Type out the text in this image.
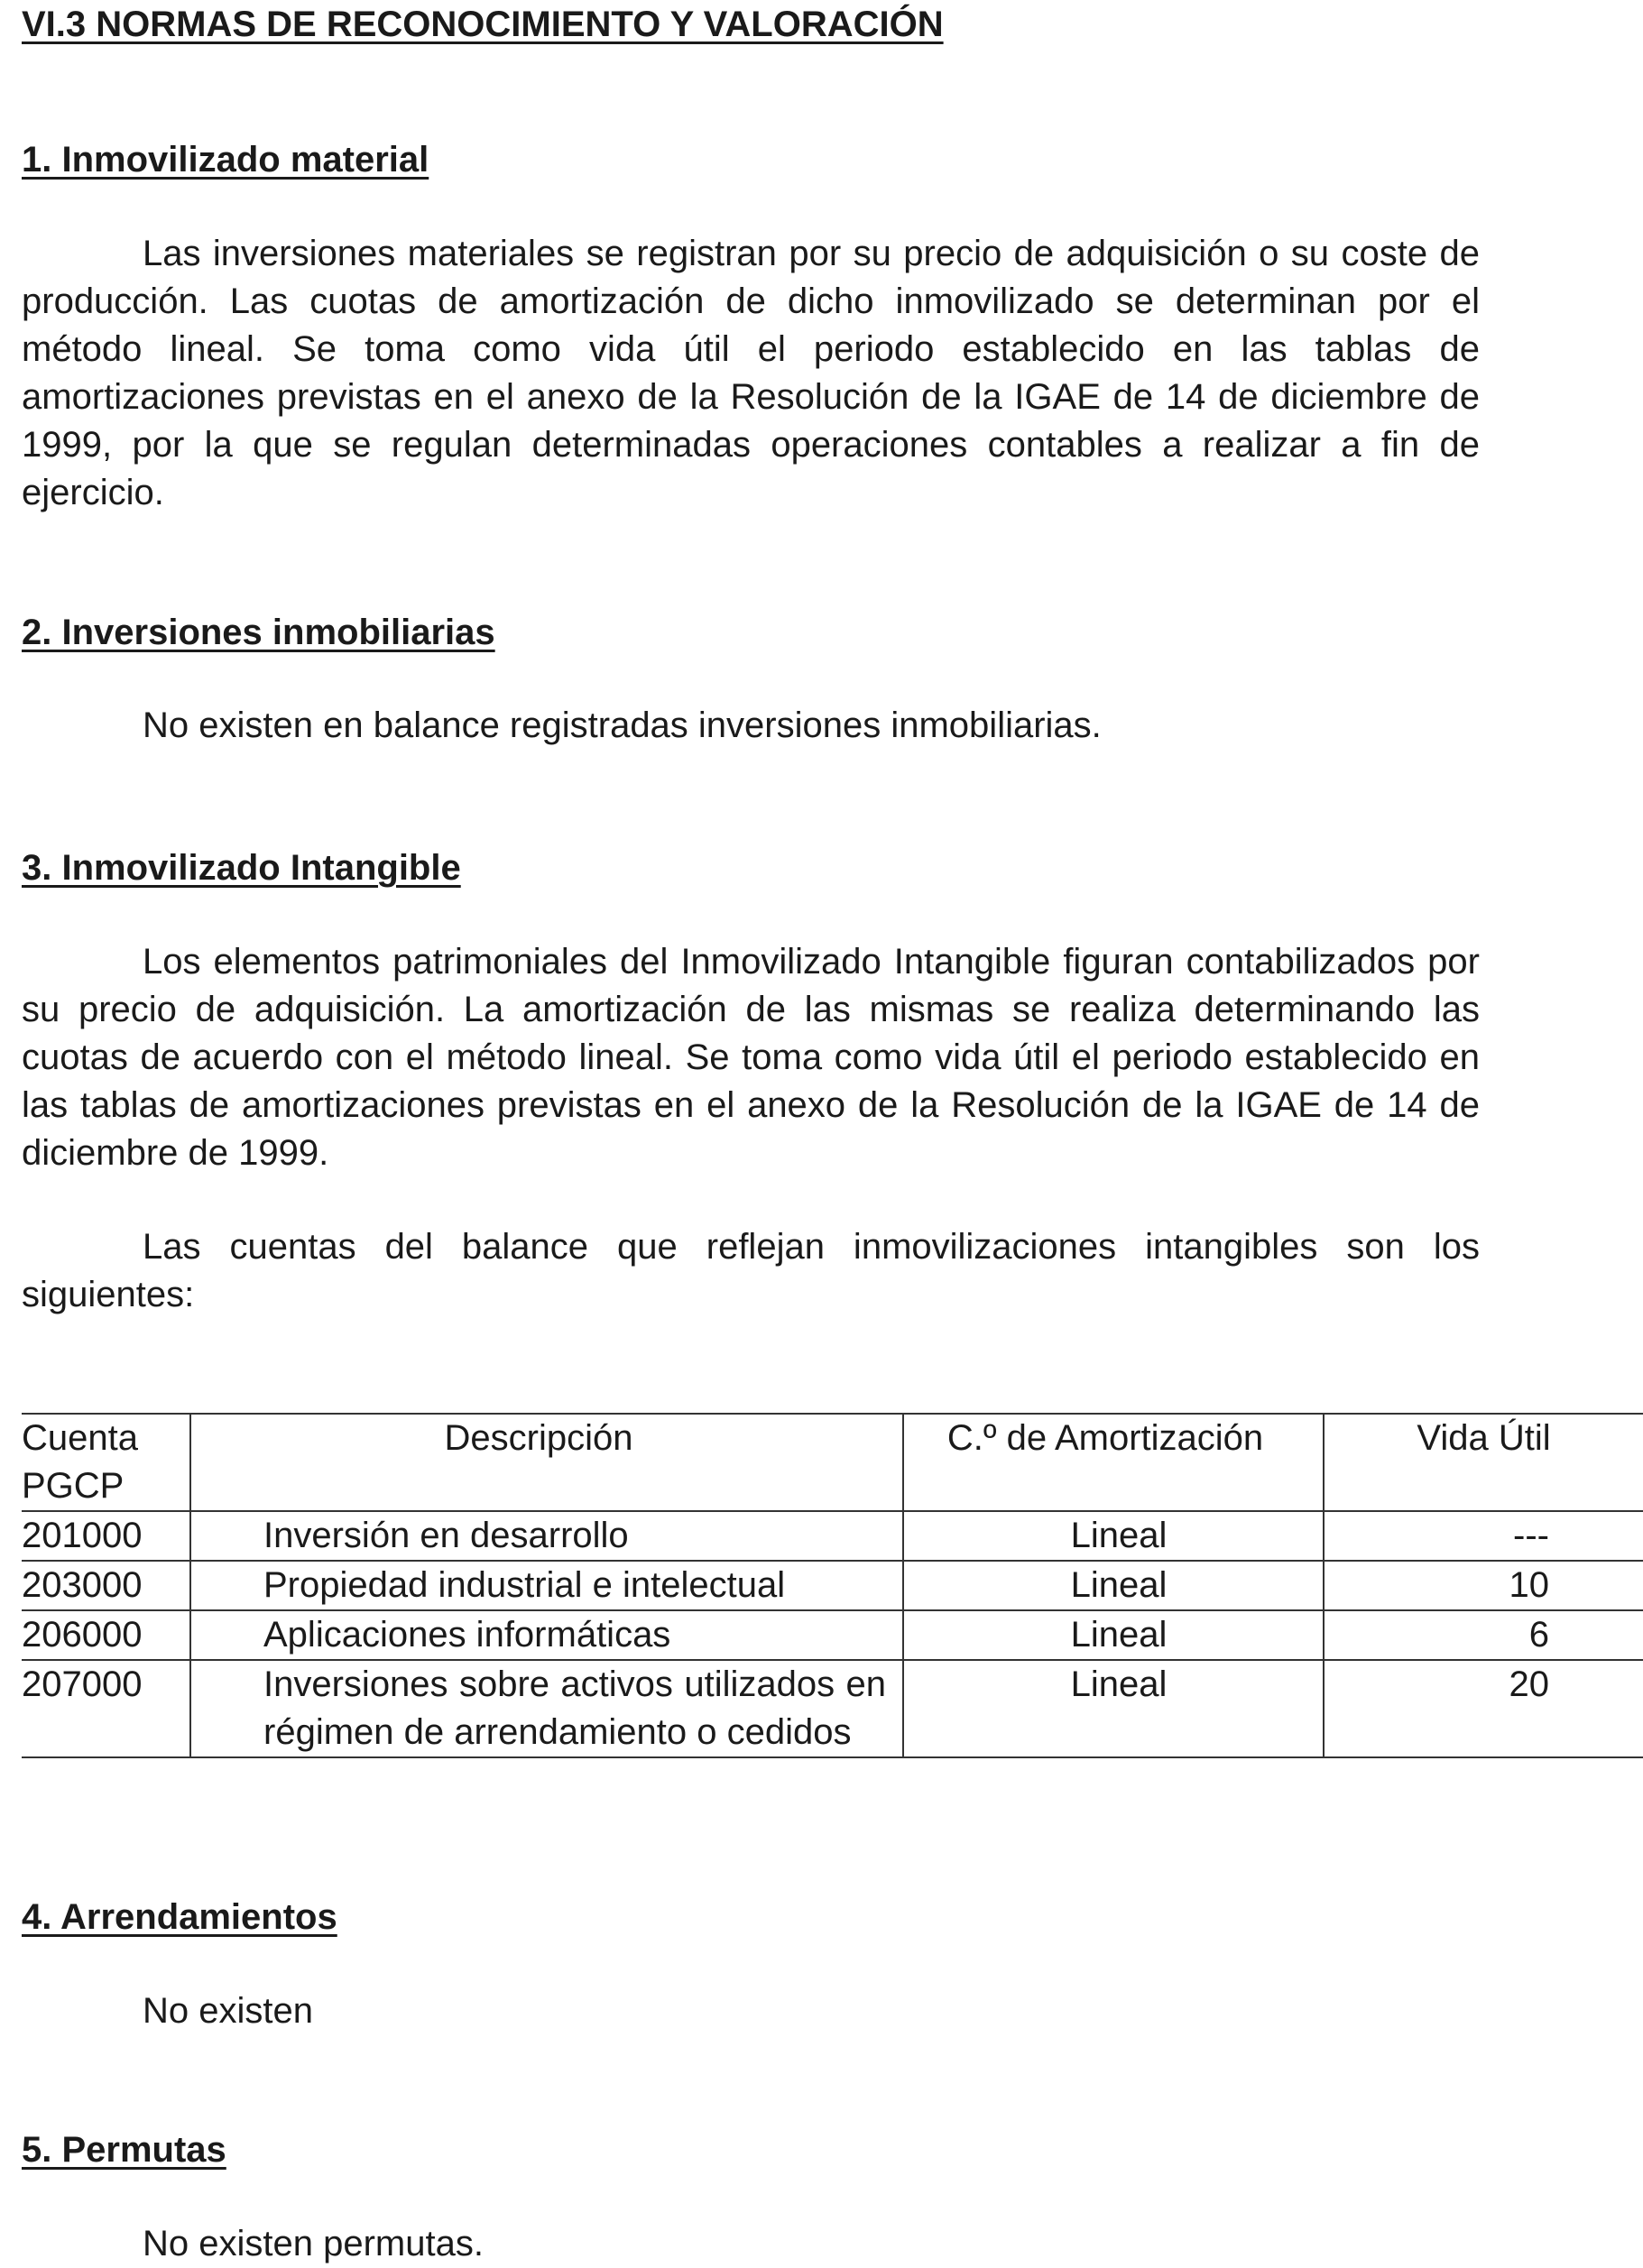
VI.3 NORMAS DE RECONOCIMIENTO Y VALORACIÓN
1. Inmovilizado material

Las inversiones materiales se registran por su precio de adquisición o su coste de producción. Las cuotas de amortización de dicho inmovilizado se determinan por el método lineal. Se toma como vida útil el periodo establecido en las tablas de amortizaciones previstas en el anexo de la Resolución de la IGAE de 14 de diciembre de 1999, por la que se regulan determinadas operaciones contables a realizar a fin de ejercicio.

2. Inversiones inmobiliarias

No existen en balance registradas inversiones inmobiliarias.

3. Inmovilizado Intangible

Los elementos patrimoniales del Inmovilizado Intangible figuran contabilizados por su precio de adquisición. La amortización de las mismas se realiza determinando las cuotas de acuerdo con el método lineal. Se toma como vida útil el periodo establecido en las tablas de amortizaciones previstas en el anexo de la Resolución de la IGAE de 14 de diciembre de 1999.

Las cuentas del balance que reflejan inmovilizaciones intangibles son los siguientes:

Cuenta PGCP	Descripción	C.º de Amortización	Vida Útil
201000	Inversión en desarrollo	Lineal	---
203000	Propiedad industrial e intelectual	Lineal	10
206000	Aplicaciones informáticas	Lineal	6
207000	Inversiones sobre activos utilizados en régimen de arrendamiento o cedidos	Lineal	20
4. Arrendamientos

No existen

5. Permutas

No existen permutas.
